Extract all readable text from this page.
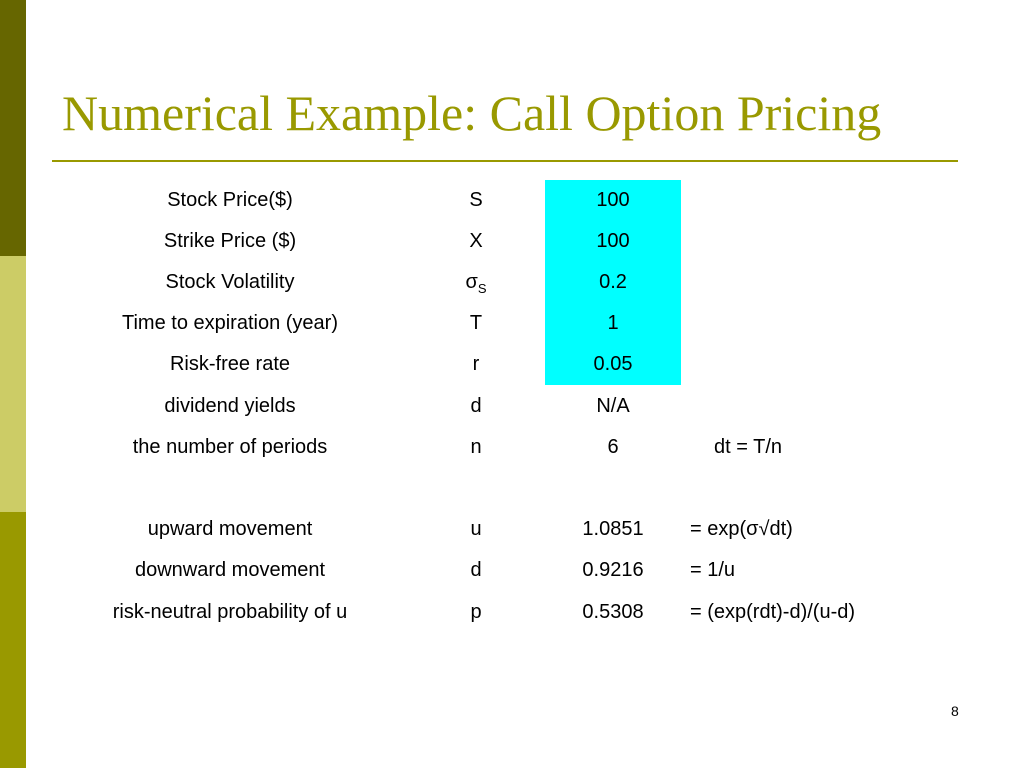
Numerical Example: Call Option Pricing
Stock Price($)	S	100
Strike Price ($)	X	100
Stock Volatility	$\sigma_S$	0.2
Time to expiration (year)	T	1
Risk-free rate	r	0.05
dividend yields	d	N/A
the number of periods	n	6	dt = T/n
upward movement	u	1.0851	= exp(σ√dt)
downward movement	d	0.9216	= 1/u
risk-neutral probability of u	p	0.5308	= (exp(rdt)-d)/(u-d)
8
